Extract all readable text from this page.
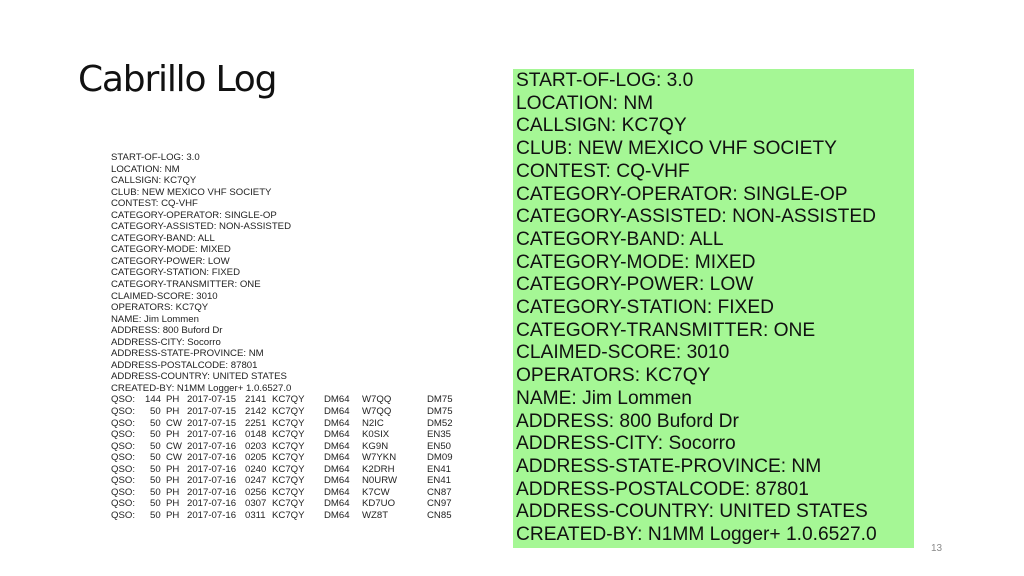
Cabrillo Log
START-OF-LOG: 3.0
LOCATION: NM
CALLSIGN: KC7QY
CLUB: NEW MEXICO VHF SOCIETY
CONTEST: CQ-VHF
CATEGORY-OPERATOR: SINGLE-OP
CATEGORY-ASSISTED: NON-ASSISTED
CATEGORY-BAND: ALL
CATEGORY-MODE: MIXED
CATEGORY-POWER: LOW
CATEGORY-STATION: FIXED
CATEGORY-TRANSMITTER: ONE
CLAIMED-SCORE: 3010
OPERATORS: KC7QY
NAME: Jim Lommen
ADDRESS: 800 Buford Dr
ADDRESS-CITY: Socorro
ADDRESS-STATE-PROVINCE: NM
ADDRESS-POSTALCODE: 87801
ADDRESS-COUNTRY: UNITED STATES
CREATED-BY: N1MM Logger+ 1.0.6527.0
QSO: 144 PH 2017-07-15 2141 KC7QY DM64 W7QQ	DM75
QSO: 50 PH 2017-07-15 2142 KC7QY DM64 W7QQ	DM75
QSO: 50 CW 2017-07-15 2251 KC7QY DM64 N2IC	DM52
QSO: 50 PH 2017-07-16 0148 KC7QY DM64 K0SIX	EN35
QSO: 50 CW 2017-07-16 0203 KC7QY DM64 KG9N	EN50
QSO: 50 CW 2017-07-16 0205 KC7QY DM64 W7YKN	DM09
QSO: 50 PH 2017-07-16 0240 KC7QY DM64 K2DRH	EN41
QSO: 50 PH 2017-07-16 0247 KC7QY DM64 N0URW	EN41
QSO: 50 PH 2017-07-16 0256 KC7QY DM64 K7CW	CN87
QSO: 50 PH 2017-07-16 0307 KC7QY DM64 KD7UO	CN97
QSO: 50 PH 2017-07-16 0311 KC7QY DM64 WZ8T	CN85
START-OF-LOG: 3.0
LOCATION: NM
CALLSIGN: KC7QY
CLUB: NEW MEXICO VHF SOCIETY
CONTEST: CQ-VHF
CATEGORY-OPERATOR: SINGLE-OP
CATEGORY-ASSISTED: NON-ASSISTED
CATEGORY-BAND: ALL
CATEGORY-MODE: MIXED
CATEGORY-POWER: LOW
CATEGORY-STATION: FIXED
CATEGORY-TRANSMITTER: ONE
CLAIMED-SCORE: 3010
OPERATORS: KC7QY
NAME: Jim Lommen
ADDRESS: 800 Buford Dr
ADDRESS-CITY: Socorro
ADDRESS-STATE-PROVINCE: NM
ADDRESS-POSTALCODE: 87801
ADDRESS-COUNTRY: UNITED STATES
CREATED-BY: N1MM Logger+ 1.0.6527.0
13
